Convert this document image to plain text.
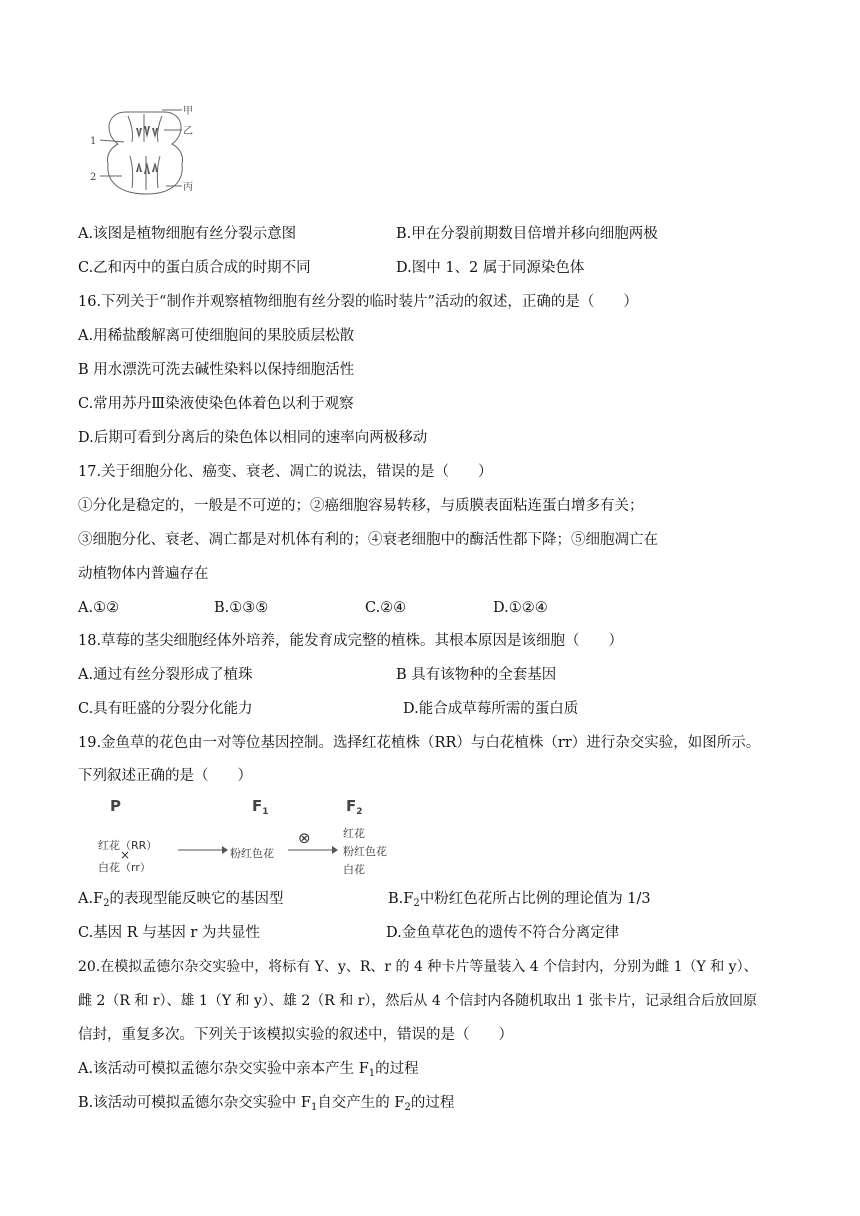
甲
乙
丙
1
2
A.该图是植物细胞有丝分裂示意图	B.甲在分裂前期数目倍增并移向细胞两极
C.乙和丙中的蛋白质合成的时期不同	D.图中 1、2 属于同源染色体
16.下列关于“制作并观察植物细胞有丝分裂的临时装片”活动的叙述，正确的是（　　）
A.用稀盐酸解离可使细胞间的果胶质层松散
B 用水漂洗可洗去碱性染料以保持细胞活性
C.常用苏丹Ⅲ染液使染色体着色以利于观察
D.后期可看到分离后的染色体以相同的速率向两极移动
17.关于细胞分化、癌变、衰老、凋亡的说法，错误的是（　　）
①分化是稳定的，一般是不可逆的；②癌细胞容易转移，与质膜表面粘连蛋白增多有关；
③细胞分化、衰老、凋亡都是对机体有利的；④衰老细胞中的酶活性都下降；⑤细胞凋亡在
动植物体内普遍存在
A.①②	B.①③⑤	C.②④	D.①②④
18.草莓的茎尖细胞经体外培养，能发育成完整的植株。其根本原因是该细胞（　　）
A.通过有丝分裂形成了植珠	B 具有该物种的全套基因
C.具有旺盛的分裂分化能力	D.能合成草莓所需的蛋白质
19.金鱼草的花色由一对等位基因控制。选择红花植株（RR）与白花植株（rr）进行杂交实验，如图所示。
下列叙述正确的是（　　）
P	$F_1$	$F_2$
红花（RR）
×
白花（rr）
粉红色花
⊗	红花
粉红色花
白花
$A.F_2$的表现型能反映它的基因型	$B.F_2$中粉红色花所占比例的理论值为 1/3
C.基因 R 与基因 r 为共显性	D.金鱼草花色的遗传不符合分离定律
20.在模拟孟德尔杂交实验中，将标有 Y、y、R、r 的 4 种卡片等量装入 4 个信封内，分别为雌 1（Y 和 y）、
雌 2（R 和 r）、雄 1（Y 和 y）、雄 2（R 和 r），然后从 4 个信封内各随机取出 1 张卡片，记录组合后放回原
信封，重复多次。下列关于该模拟实验的叙述中，错误的是（　　）
A.该活动可模拟孟德尔杂交实验中亲本产生 $F_1$的过程
B.该活动可模拟孟德尔杂交实验中 $F_1$自交产生的 $F_2$的过程
